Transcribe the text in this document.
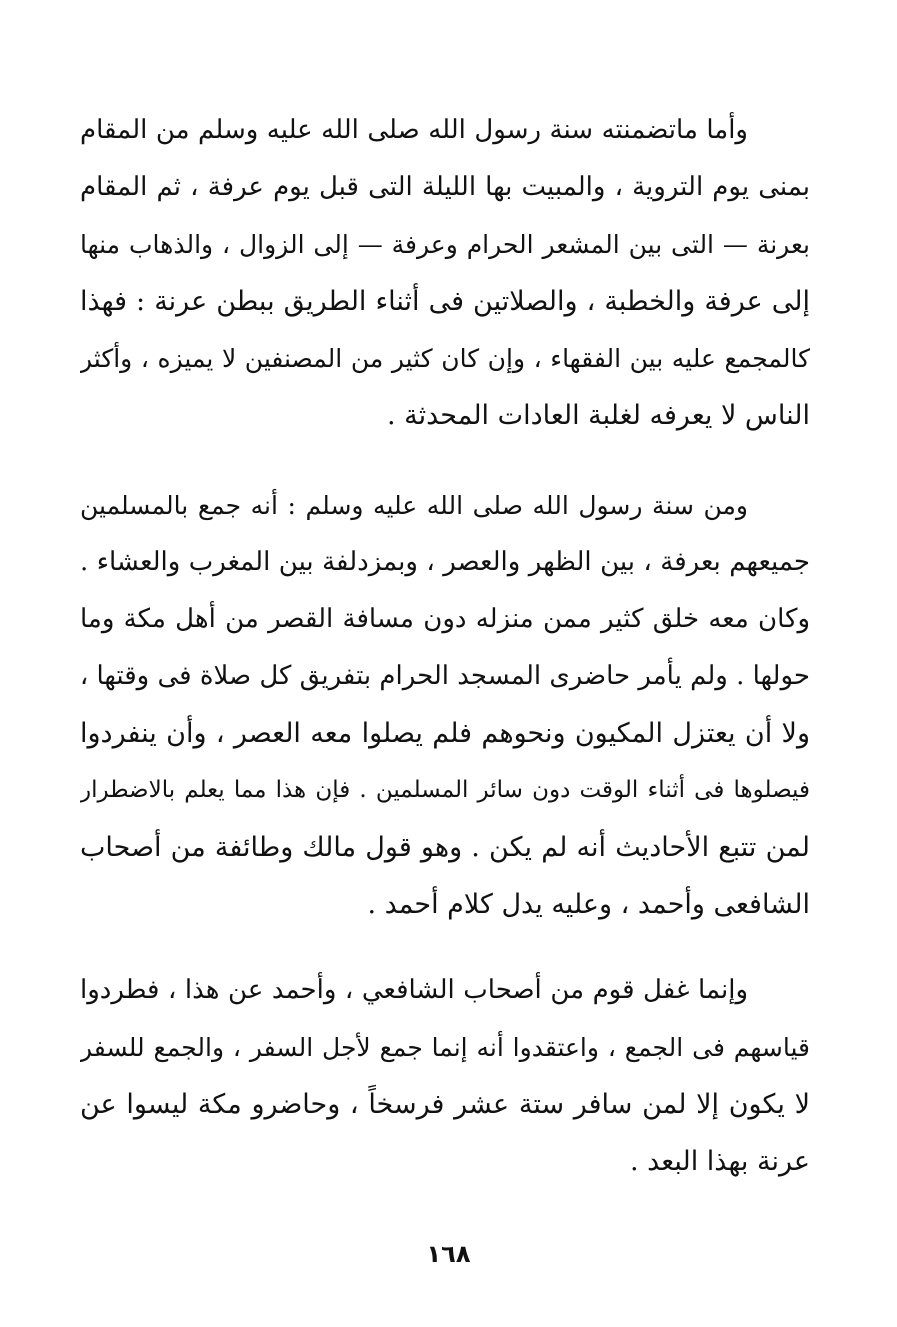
وأما ماتضمنته سنة رسول الله صلى الله عليه وسلم من المقام
بمنى يوم التروية ، والمبيت بها الليلة التى قبل يوم عرفة ، ثم المقام
بعرنة — التى بين المشعر الحرام وعرفة — إلى الزوال ، والذهاب منها
إلى عرفة والخطبة ، والصلاتين فى أثناء الطريق ببطن عرنة : فهذا
كالمجمع عليه بين الفقهاء ، وإن كان كثير من المصنفين لا يميزه ، وأكثر
الناس لا يعرفه لغلبة العادات المحدثة .
ومن سنة رسول الله صلى الله عليه وسلم : أنه جمع بالمسلمين
جميعهم بعرفة ، بين الظهر والعصر ، وبمزدلفة بين المغرب والعشاء .
وكان معه خلق كثير ممن منزله دون مسافة القصر من أهل مكة وما
حولها . ولم يأمر حاضرى المسجد الحرام بتفريق كل صلاة فى وقتها ،
ولا أن يعتزل المكيون ونحوهم فلم يصلوا معه العصر ، وأن ينفردوا
فيصلوها فى أثناء الوقت دون سائر المسلمين . فإن هذا مما يعلم بالاضطرار
لمن تتبع الأحاديث أنه لم يكن . وهو قول مالك وطائفة من أصحاب
الشافعى وأحمد ، وعليه يدل كلام أحمد .
وإنما غفل قوم من أصحاب الشافعي ، وأحمد عن هذا ، فطردوا
قياسهم فى الجمع ، واعتقدوا أنه إنما جمع لأجل السفر ، والجمع للسفر
لا يكون إلا لمن سافر ستة عشر فرسخاً ، وحاضرو مكة ليسوا عن
عرنة بهذا البعد .
١٦٨
